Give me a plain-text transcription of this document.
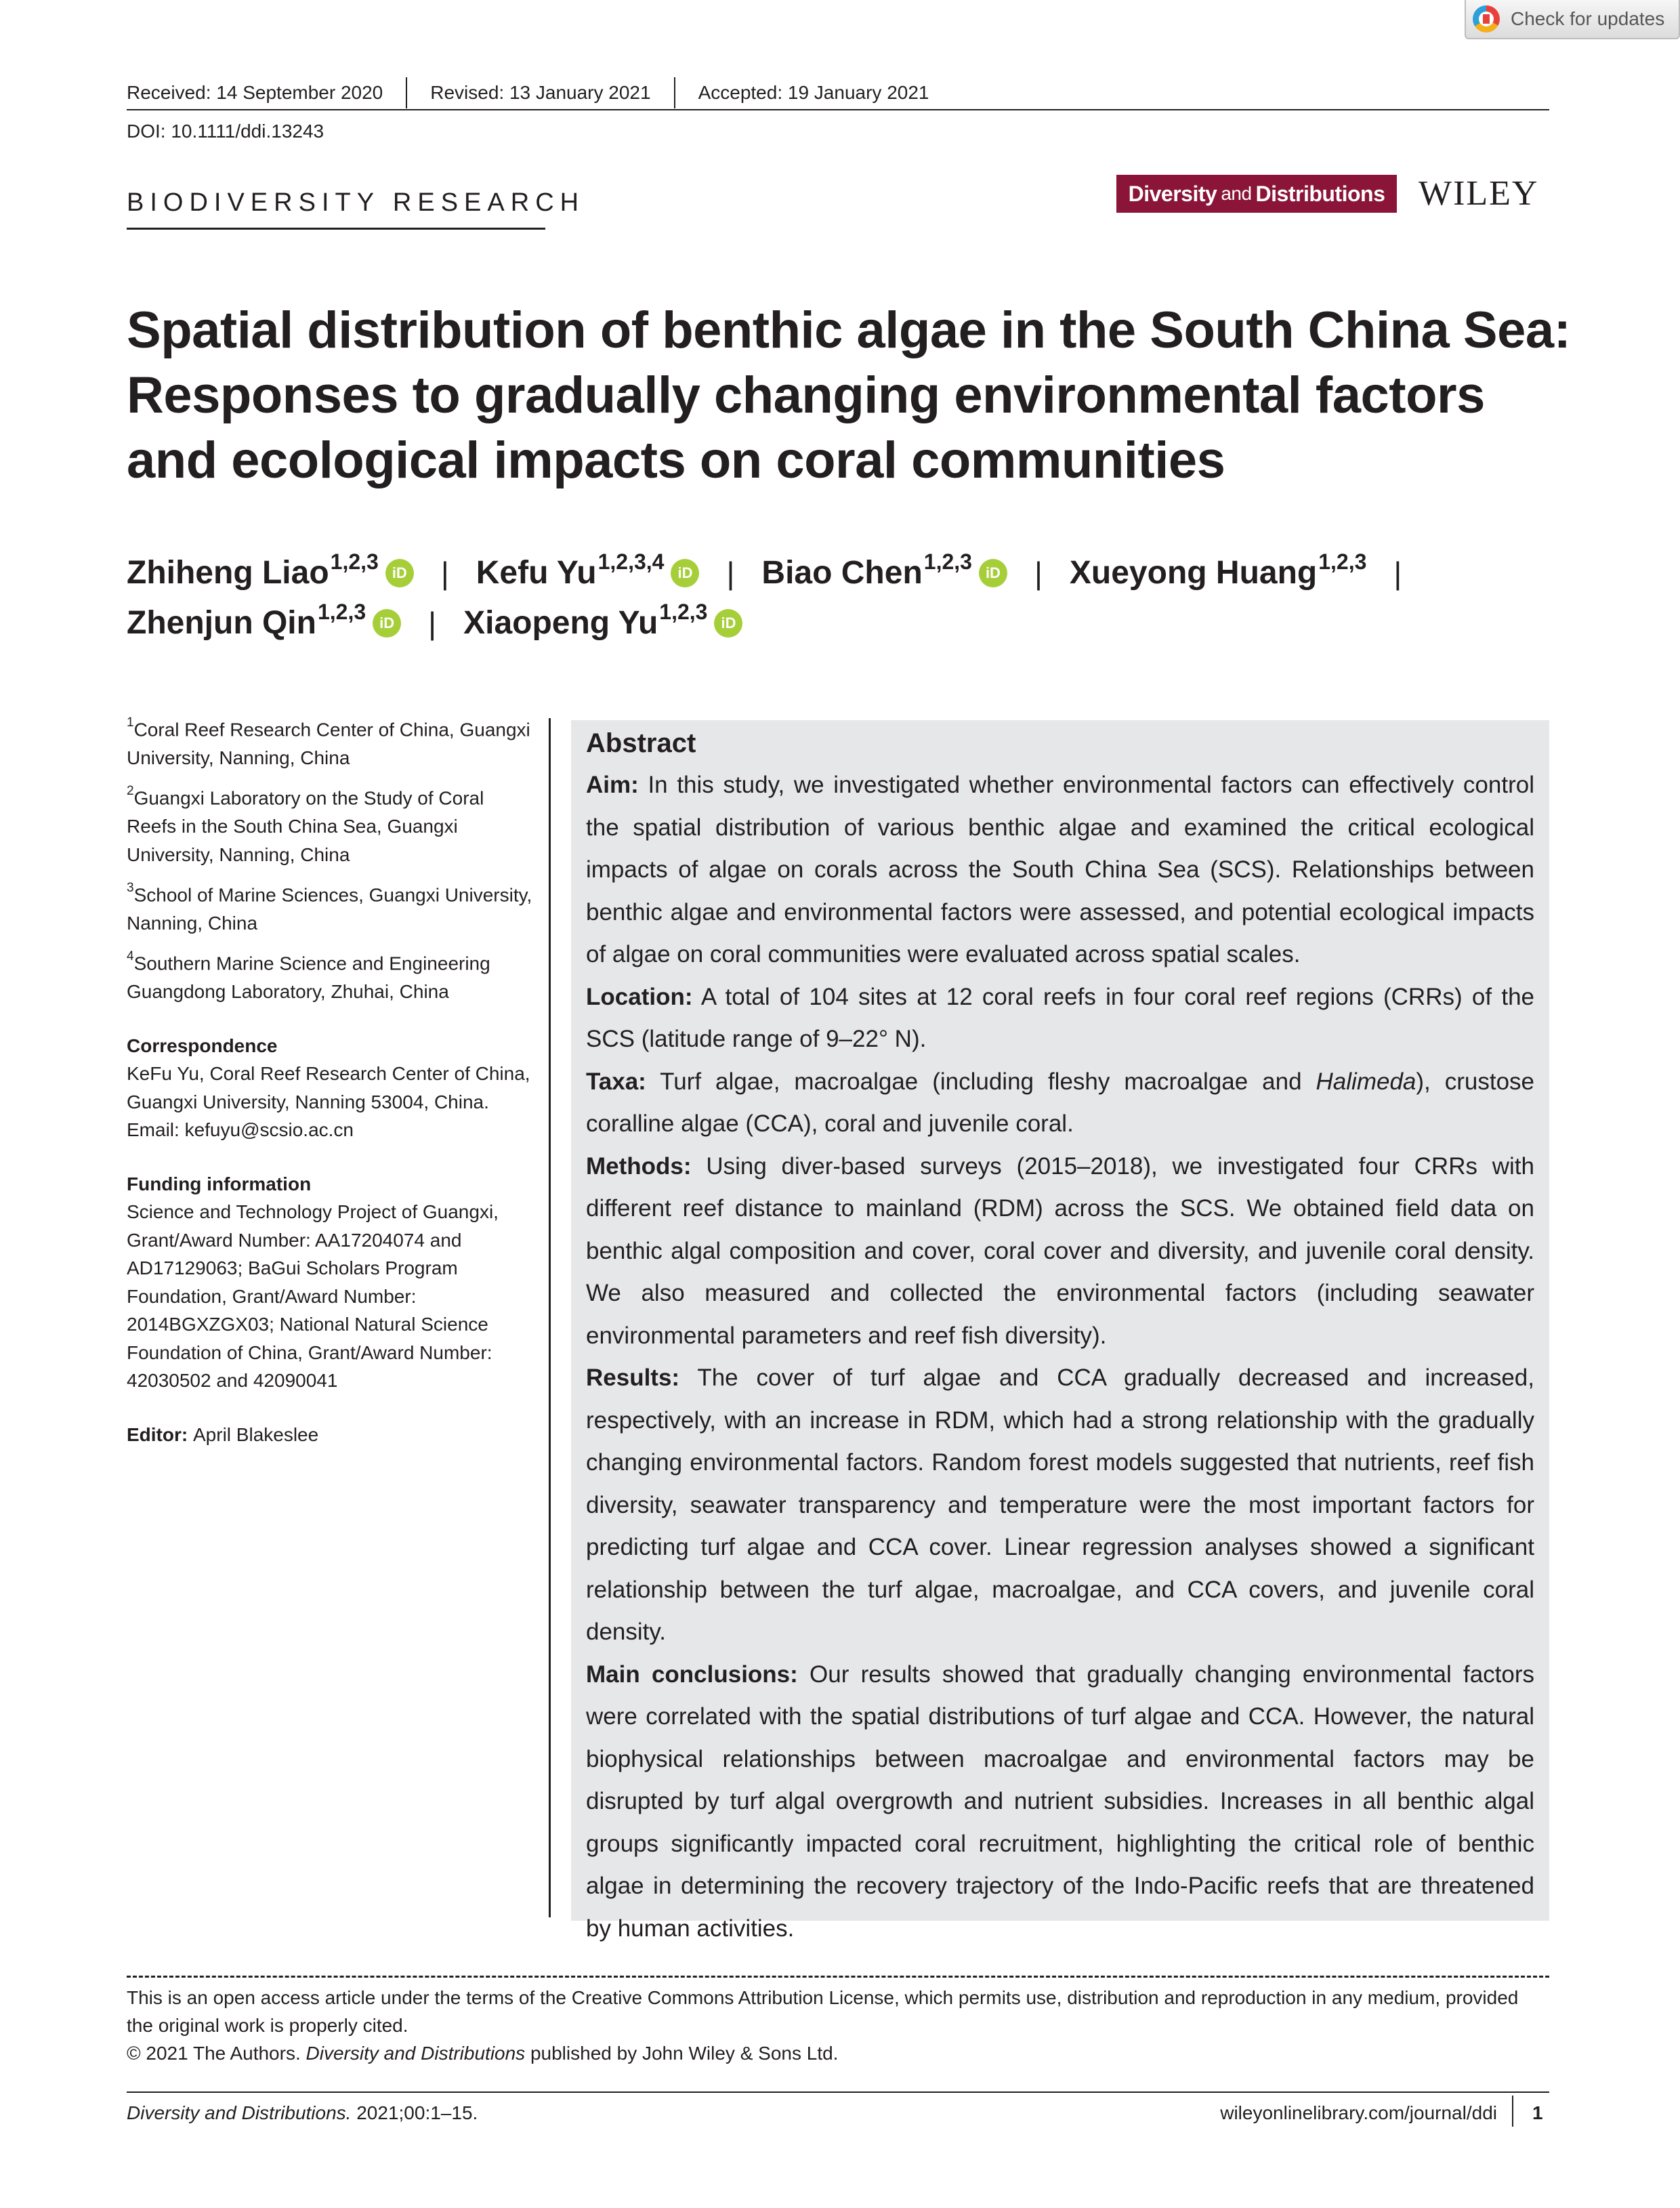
Check for updates
Received: 14 September 2020	Revised: 13 January 2021	Accepted: 19 January 2021
DOI: 10.1111/ddi.13243
BIODIVERSITY RESEARCH	Diversity and Distributions WILEY
Spatial distribution of benthic algae in the South China Sea: Responses to gradually changing environmental factors and ecological impacts on coral communities
Zhiheng Liao$^{1,2,3}$ iD | Kefu Yu$^{1,2,3,4}$ iD | Biao Chen$^{1,2,3}$ iD | Xueyong Huang$^{1,2,3}$ |
Zhenjun Qin$^{1,2,3}$ iD | Xiaopeng Yu$^{1,2,3}$ iD
$^1$Coral Reef Research Center of China, Guangxi University, Nanning, China
$^2$Guangxi Laboratory on the Study of Coral Reefs in the South China Sea, Guangxi University, Nanning, China
$^3$School of Marine Sciences, Guangxi University, Nanning, China
$^4$Southern Marine Science and Engineering Guangdong Laboratory, Zhuhai, China
Correspondence
KeFu Yu, Coral Reef Research Center of China, Guangxi University, Nanning 53004, China.
Email: kefuyu@scsio.ac.cn
Funding information
Science and Technology Project of Guangxi, Grant/Award Number: AA17204074 and AD17129063; BaGui Scholars Program Foundation, Grant/Award Number: 2014BGXZGX03; National Natural Science Foundation of China, Grant/Award Number: 42030502 and 42090041
Editor: April Blakeslee
Abstract

Aim: In this study, we investigated whether environmental factors can effectively control the spatial distribution of various benthic algae and examined the critical ecological impacts of algae on corals across the South China Sea (SCS). Relationships between benthic algae and environmental factors were assessed, and potential ecological impacts of algae on coral communities were evaluated across spatial scales.

Location: A total of 104 sites at 12 coral reefs in four coral reef regions (CRRs) of the SCS (latitude range of 9–22° N).

Taxa: Turf algae, macroalgae (including fleshy macroalgae and Halimeda), crustose coralline algae (CCA), coral and juvenile coral.

Methods: Using diver-based surveys (2015–2018), we investigated four CRRs with different reef distance to mainland (RDM) across the SCS. We obtained field data on benthic algal composition and cover, coral cover and diversity, and juvenile coral density. We also measured and collected the environmental factors (including seawater environmental parameters and reef fish diversity).

Results: The cover of turf algae and CCA gradually decreased and increased, respectively, with an increase in RDM, which had a strong relationship with the gradually changing environmental factors. Random forest models suggested that nutrients, reef fish diversity, seawater transparency and temperature were the most important factors for predicting turf algae and CCA cover. Linear regression analyses showed a significant relationship between the turf algae, macroalgae, and CCA covers, and juvenile coral density.

Main conclusions: Our results showed that gradually changing environmental factors were correlated with the spatial distributions of turf algae and CCA. However, the natural biophysical relationships between macroalgae and environmental factors may be disrupted by turf algal overgrowth and nutrient subsidies. Increases in all benthic algal groups significantly impacted coral recruitment, highlighting the critical role of benthic algae in determining the recovery trajectory of the Indo-Pacific reefs that are threatened by human activities.

This is an open access article under the terms of the Creative Commons Attribution License, which permits use, distribution and reproduction in any medium, provided the original work is properly cited.
© 2021 The Authors. Diversity and Distributions published by John Wiley & Sons Ltd.
Diversity and Distributions. 2021;00:1–15.	wileyonlinelibrary.com/journal/ddi 1
